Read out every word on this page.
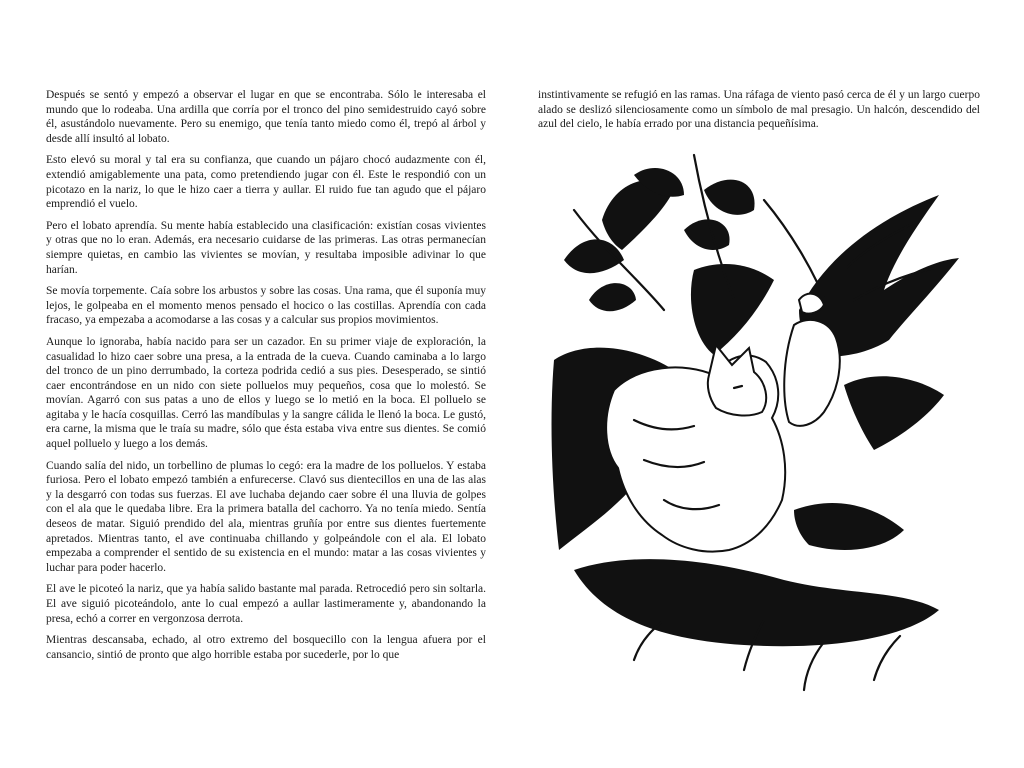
Después se sentó y empezó a observar el lugar en que se encontraba. Sólo le interesaba el mundo que lo rodeaba. Una ardilla que corría por el tronco del pino semidestruido cayó sobre él, asustándolo nuevamente. Pero su enemigo, que tenía tanto miedo como él, trepó al árbol y desde allí insultó al lobato.

Esto elevó su moral y tal era su confianza, que cuando un pájaro chocó audazmente con él, extendió amigablemente una pata, como pretendiendo jugar con él. Este le respondió con un picotazo en la nariz, lo que le hizo caer a tierra y aullar. El ruido fue tan agudo que el pájaro emprendió el vuelo.

Pero el lobato aprendía. Su mente había establecido una clasificación: existían cosas vivientes y otras que no lo eran. Además, era necesario cuidarse de las primeras. Las otras permanecían siempre quietas, en cambio las vivientes se movían, y resultaba imposible adivinar lo que harían.

Se movía torpemente. Caía sobre los arbustos y sobre las cosas. Una rama, que él suponía muy lejos, le golpeaba en el momento menos pensado el hocico o las costillas. Aprendía con cada fracaso, ya empezaba a acomodarse a las cosas y a calcular sus propios movimientos.

Aunque lo ignoraba, había nacido para ser un cazador. En su primer viaje de exploración, la casualidad lo hizo caer sobre una presa, a la entrada de la cueva. Cuando caminaba a lo largo del tronco de un pino derrumbado, la corteza podrida cedió a sus pies. Desesperado, se sintió caer encontrándose en un nido con siete polluelos muy pequeños, cosa que lo molestó. Se movían. Agarró con sus patas a uno de ellos y luego se lo metió en la boca. El polluelo se agitaba y le hacía cosquillas. Cerró las mandíbulas y la sangre cálida le llenó la boca. Le gustó, era carne, la misma que le traía su madre, sólo que ésta estaba viva entre sus dientes. Se comió aquel polluelo y luego a los demás.

Cuando salía del nido, un torbellino de plumas lo cegó: era la madre de los polluelos. Y estaba furiosa. Pero el lobato empezó también a enfurecerse. Clavó sus dientecillos en una de las alas y la desgarró con todas sus fuerzas. El ave luchaba dejando caer sobre él una lluvia de golpes con el ala que le quedaba libre. Era la primera batalla del cachorro. Ya no tenía miedo. Sentía deseos de matar. Siguió prendido del ala, mientras gruñía por entre sus dientes fuertemente apretados. Mientras tanto, el ave continuaba chillando y golpeándole con el ala. El lobato empezaba a comprender el sentido de su existencia en el mundo: matar a las cosas vivientes y luchar para poder hacerlo.

El ave le picoteó la nariz, que ya había salido bastante mal parada. Retrocedió pero sin soltarla. El ave siguió picoteándolo, ante lo cual empezó a aullar lastimeramente y, abandonando la presa, echó a correr en vergonzosa derrota.

Mientras descansaba, echado, al otro extremo del bosquecillo con la lengua afuera por el cansancio, sintió de pronto que algo horrible estaba por sucederle, por lo que

instintivamente se refugió en las ramas. Una ráfaga de viento pasó cerca de él y un largo cuerpo alado se deslizó silenciosamente como un símbolo de mal presagio. Un halcón, descendido del azul del cielo, le había errado por una distancia pequeñísima.
